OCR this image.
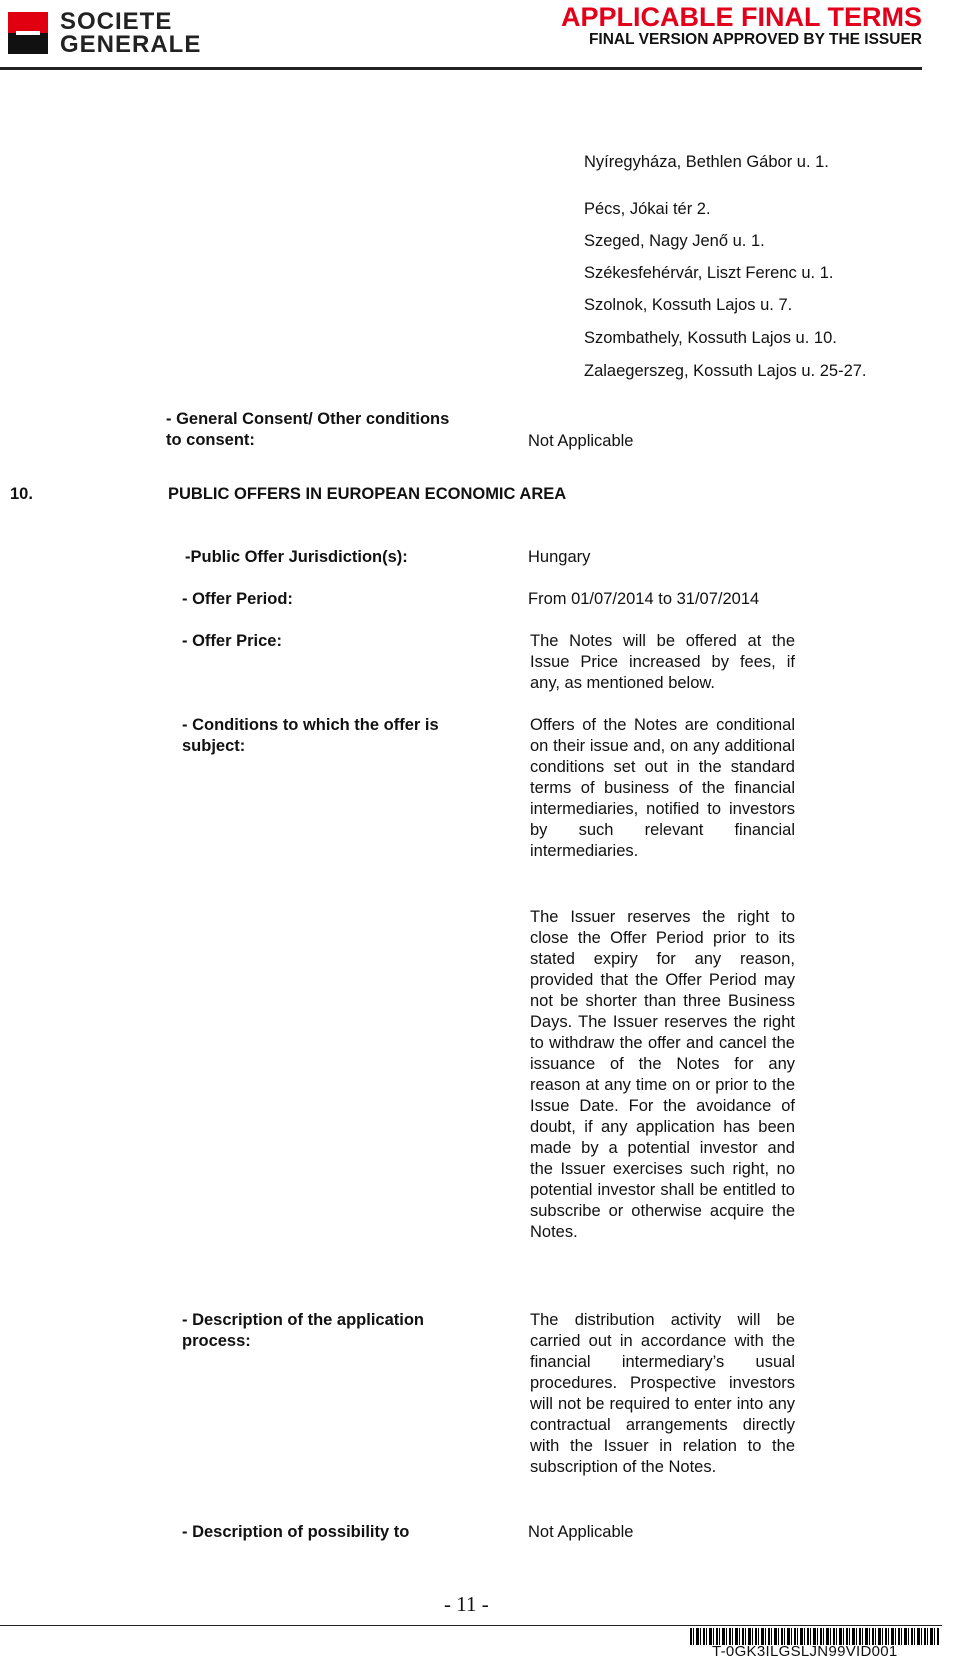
SOCIETE
GENERALE
APPLICABLE FINAL TERMS
FINAL VERSION APPROVED BY THE ISSUER
Nyíregyháza, Bethlen Gábor u. 1.
Pécs, Jókai tér 2.
Szeged, Nagy Jenő u. 1.
Székesfehérvár, Liszt Ferenc u. 1.
Szolnok, Kossuth Lajos u. 7.
Szombathely, Kossuth Lajos u. 10.
Zalaegerszeg, Kossuth Lajos u. 25-27.
- General Consent/ Other conditions
to consent:	Not Applicable
10.	PUBLIC OFFERS IN EUROPEAN ECONOMIC AREA
-Public Offer Jurisdiction(s):	Hungary
- Offer Period:	From 01/07/2014 to 31/07/2014
- Offer Price:	The Notes will be offered at the Issue Price increased by fees, if any, as mentioned below.
- Conditions to which the offer is
subject:
Offers of the Notes are conditional on their issue and, on any additional conditions set out in the standard terms of business of the financial intermediaries, notified to investors by such relevant financial intermediaries.
The Issuer reserves the right to close the Offer Period prior to its stated expiry for any reason, provided that the Offer Period may not be shorter than three Business Days. The Issuer reserves the right to withdraw the offer and cancel the issuance of the Notes for any reason at any time on or prior to the Issue Date. For the avoidance of doubt, if any application has been made by a potential investor and the Issuer exercises such right, no potential investor shall be entitled to subscribe or otherwise acquire the Notes.
- Description of the application
process:
The distribution activity will be carried out in accordance with the financial intermediary’s usual procedures. Prospective investors will not be required to enter into any contractual arrangements directly with the Issuer in relation to the subscription of the Notes.
- Description of possibility to	Not Applicable
- 11 -
T-0GK3ILGSLJN99VID001
